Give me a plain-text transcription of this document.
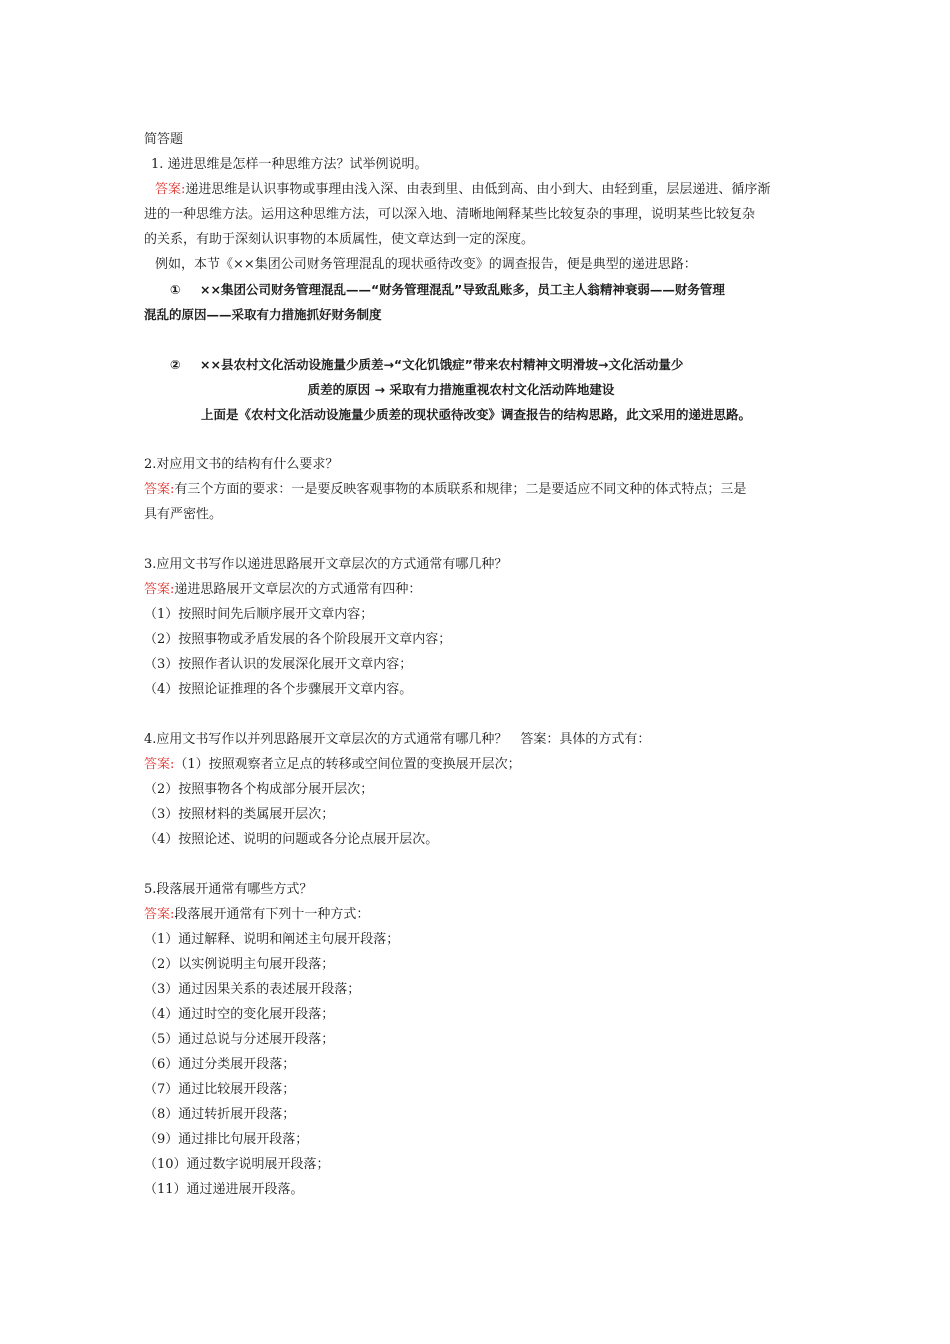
简答题
1. 递进思维是怎样一种思维方法？试举例说明。
答案:递进思维是认识事物或事理由浅入深、由表到里、由低到高、由小到大、由轻到重，层层递进、循序渐
进的一种思维方法。运用这种思维方法，可以深入地、清晰地阐释某些比较复杂的事理，说明某些比较复杂
的关系，有助于深刻认识事物的本质属性，使文章达到一定的深度。
例如，本节《××集团公司财务管理混乱的现状亟待改变》的调查报告，便是典型的递进思路：
① ××集团公司财务管理混乱——“财务管理混乱”导致乱账多，员工主人翁精神衰弱——财务管理
混乱的原因——采取有力措施抓好财务制度
② ××县农村文化活动设施量少质差→“文化饥饿症”带来农村精神文明滑坡→文化活动量少
质差的原因 → 采取有力措施重视农村文化活动阵地建设
上面是《农村文化活动设施量少质差的现状亟待改变》调查报告的结构思路，此文采用的递进思路。
2.对应用文书的结构有什么要求？
答案:有三个方面的要求：一是要反映客观事物的本质联系和规律；二是要适应不同文种的体式特点；三是
具有严密性。
3.应用文书写作以递进思路展开文章层次的方式通常有哪几种？
答案:递进思路展开文章层次的方式通常有四种：
（1）按照时间先后顺序展开文章内容；
（2）按照事物或矛盾发展的各个阶段展开文章内容；
（3）按照作者认识的发展深化展开文章内容；
（4）按照论证推理的各个步骤展开文章内容。
4.应用文书写作以并列思路展开文章层次的方式通常有哪几种？　答案：具体的方式有：
答案:（1）按照观察者立足点的转移或空间位置的变换展开层次；
（2）按照事物各个构成部分展开层次；
（3）按照材料的类属展开层次；
（4）按照论述、说明的问题或各分论点展开层次。
5.段落展开通常有哪些方式？
答案:段落展开通常有下列十一种方式：
（1）通过解释、说明和阐述主句展开段落；
（2）以实例说明主句展开段落；
（3）通过因果关系的表述展开段落；
（4）通过时空的变化展开段落；
（5）通过总说与分述展开段落；
（6）通过分类展开段落；
（7）通过比较展开段落；
（8）通过转折展开段落；
（9）通过排比句展开段落；
（10）通过数字说明展开段落；
（11）通过递进展开段落。
